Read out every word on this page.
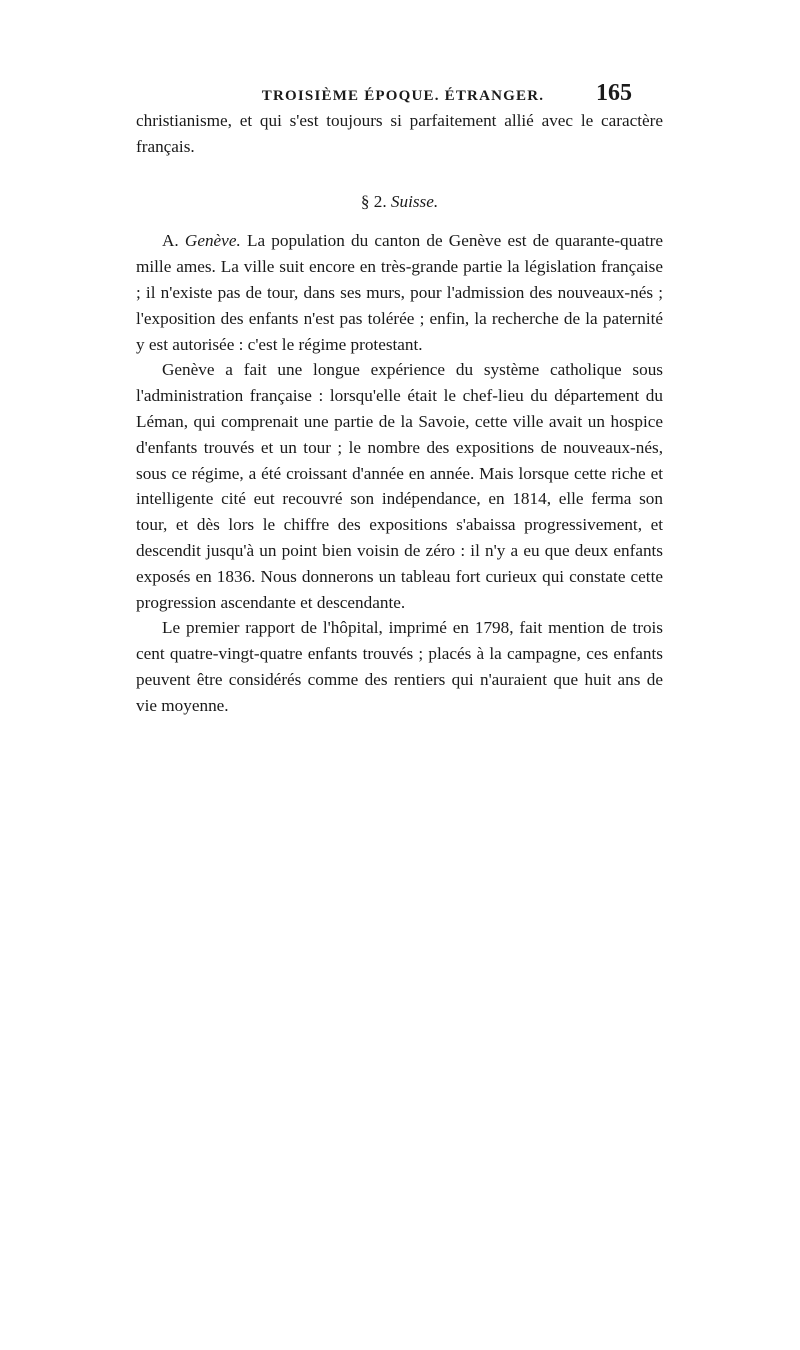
TROISIÈME ÉPOQUE. ÉTRANGER.	165

christianisme, et qui s'est toujours si parfaitement allié avec le caractère français.

§ 2. Suisse.

A. Genève. La population du canton de Genève est de quarante-quatre mille ames. La ville suit encore en très-grande partie la législation française ; il n'existe pas de tour, dans ses murs, pour l'admission des nouveaux-nés ; l'exposition des enfants n'est pas tolérée ; enfin, la recherche de la paternité y est autorisée : c'est le régime protestant.

Genève a fait une longue expérience du système catholique sous l'administration française : lorsqu'elle était le chef-lieu du département du Léman, qui comprenait une partie de la Savoie, cette ville avait un hospice d'enfants trouvés et un tour ; le nombre des expositions de nouveaux-nés, sous ce régime, a été croissant d'année en année. Mais lorsque cette riche et intelligente cité eut recouvré son indépendance, en 1814, elle ferma son tour, et dès lors le chiffre des expositions s'abaissa progressivement, et descendit jusqu'à un point bien voisin de zéro : il n'y a eu que deux enfants exposés en 1836. Nous donnerons un tableau fort curieux qui constate cette progression ascendante et descendante.

Le premier rapport de l'hôpital, imprimé en 1798, fait mention de trois cent quatre-vingt-quatre enfants trouvés ; placés à la campagne, ces enfants peuvent être considérés comme des rentiers qui n'auraient que huit ans de vie moyenne.
